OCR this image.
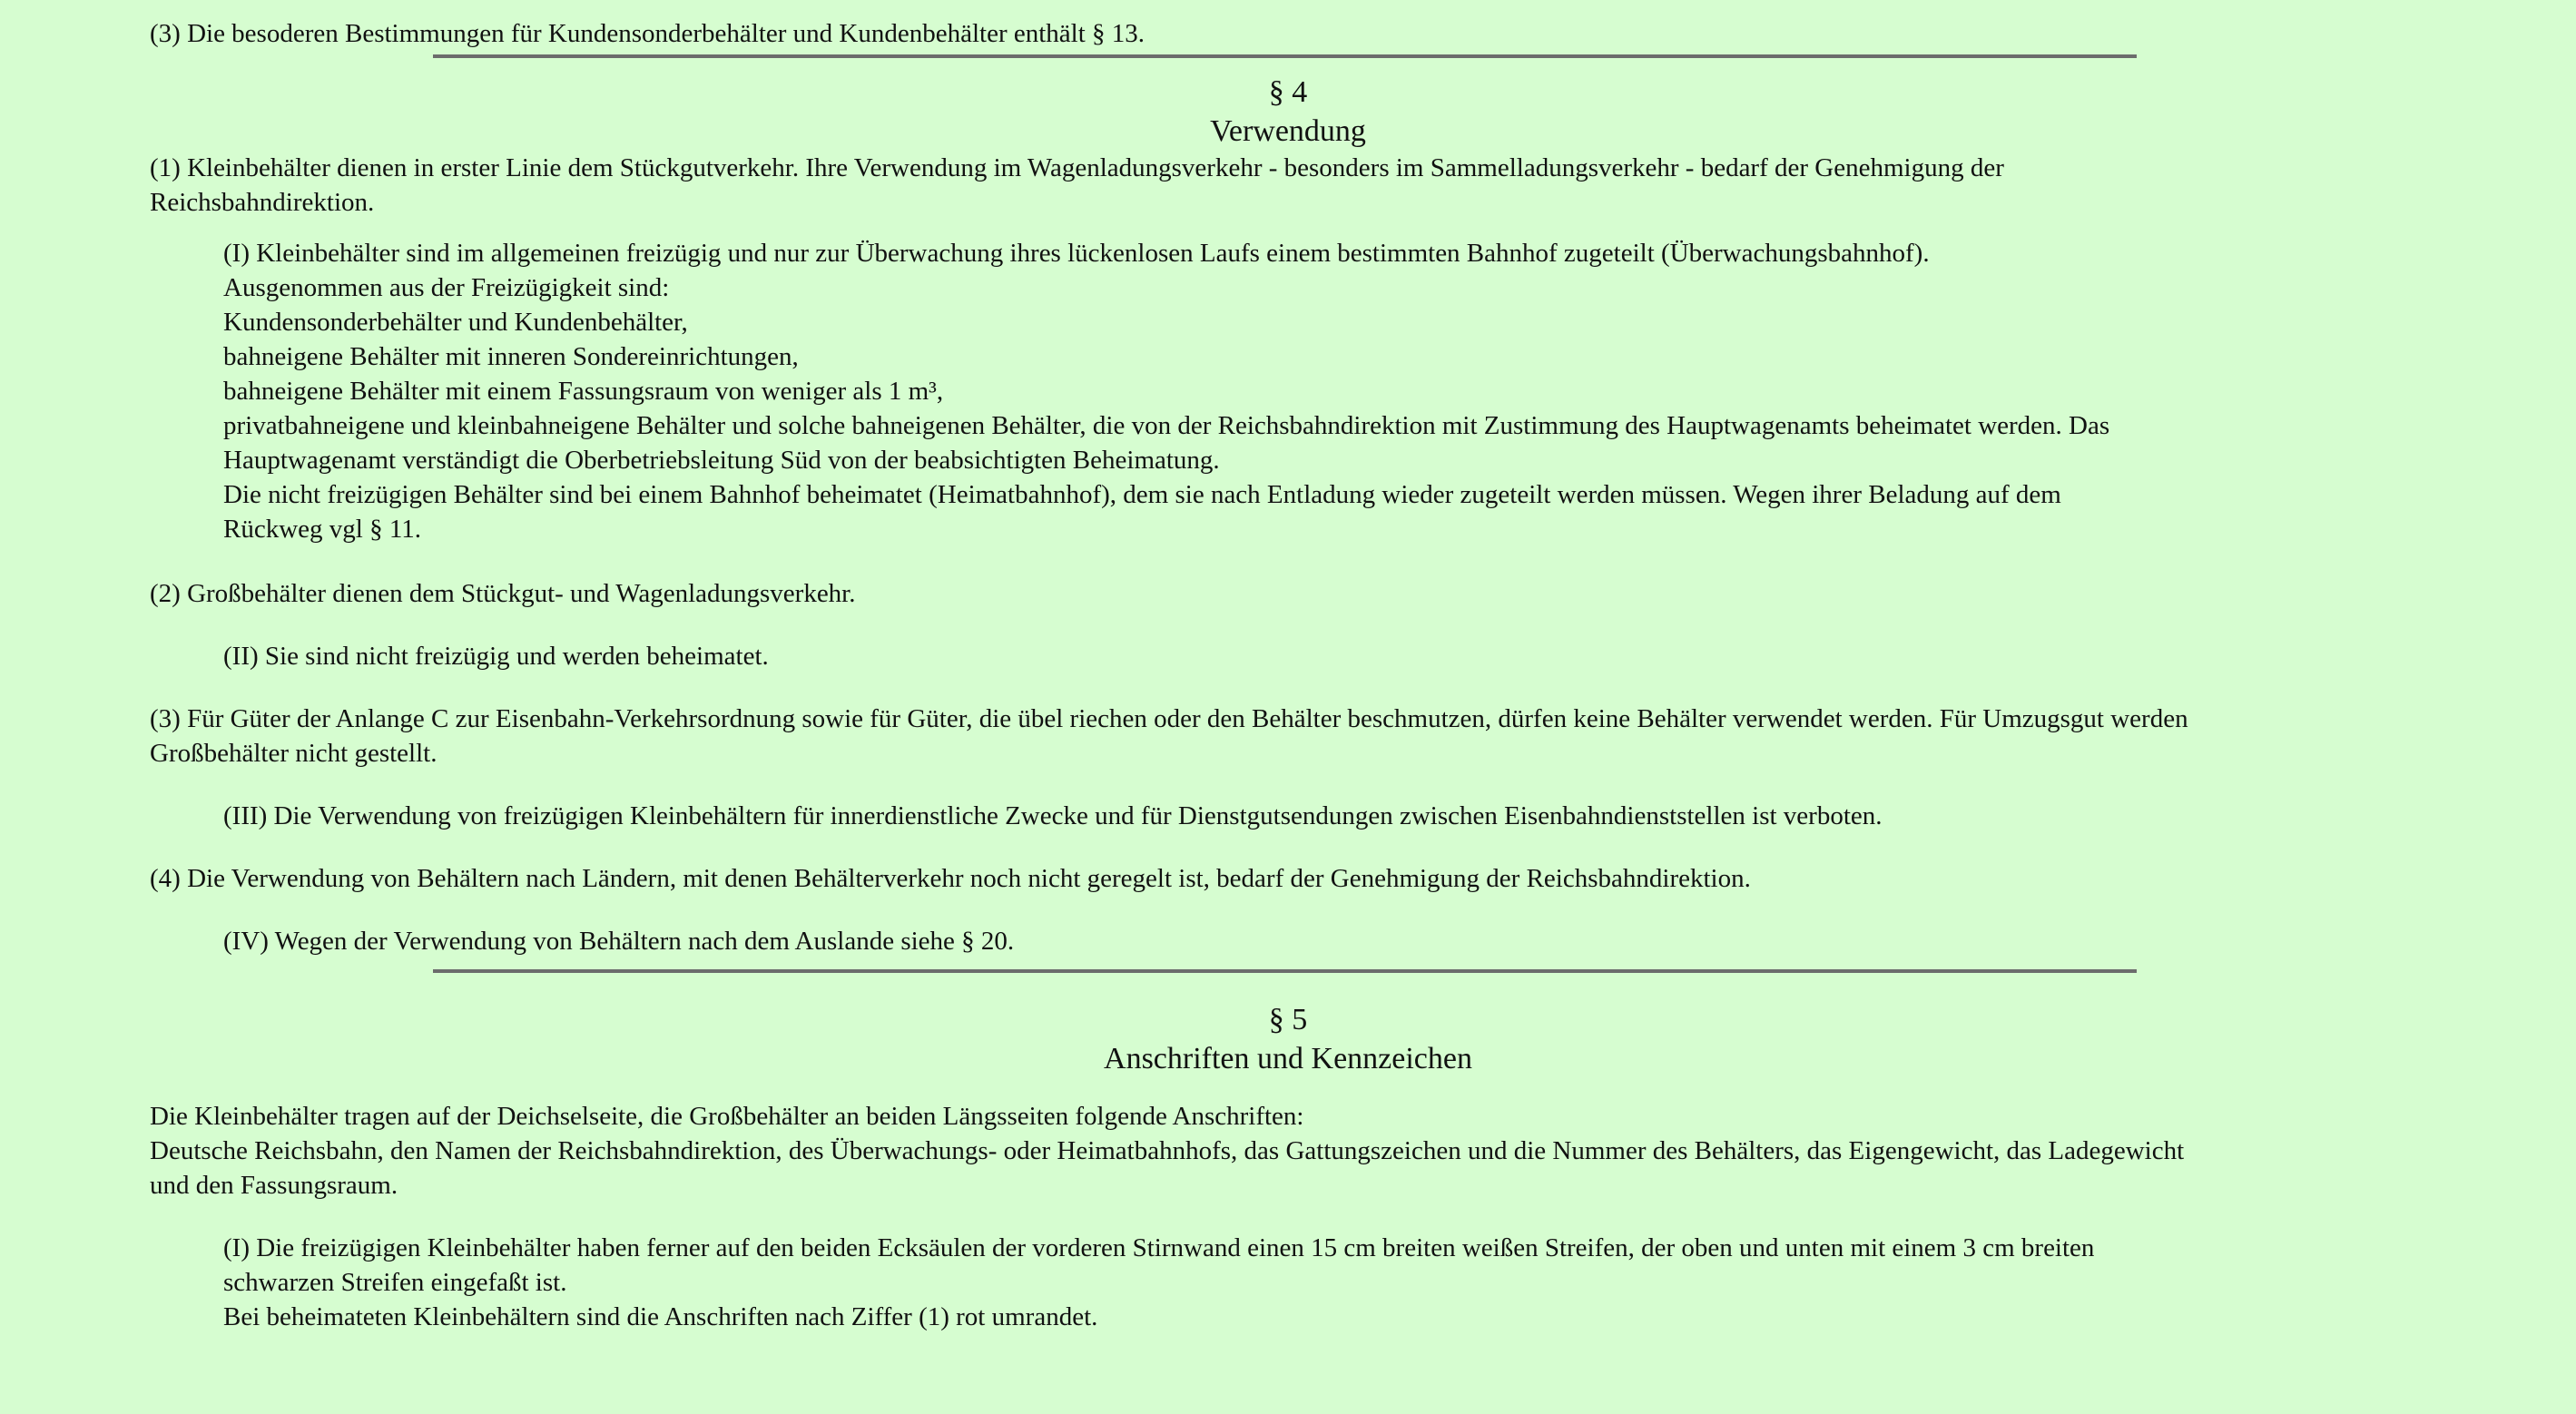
(3) Die besoderen Bestimmungen für Kundensonderbehälter und Kundenbehälter enthält § 13.

§ 4

Verwendung

(1) Kleinbehälter dienen in erster Linie dem Stückgutverkehr. Ihre Verwendung im Wagenladungsverkehr - besonders im Sammelladungsverkehr - bedarf der Genehmigung der

Reichsbahndirektion.

(I) Kleinbehälter sind im allgemeinen freizügig und nur zur Überwachung ihres lückenlosen Laufs einem bestimmten Bahnhof zugeteilt (Überwachungsbahnhof).

Ausgenommen aus der Freizügigkeit sind:

Kundensonderbehälter und Kundenbehälter,

bahneigene Behälter mit inneren Sondereinrichtungen,

bahneigene Behälter mit einem Fassungsraum von weniger als 1 m³,

privatbahneigene und kleinbahneigene Behälter und solche bahneigenen Behälter, die von der Reichsbahndirektion mit Zustimmung des Hauptwagenamts beheimatet werden. Das

Hauptwagenamt verständigt die Oberbetriebsleitung Süd von der beabsichtigten Beheimatung.

Die nicht freizügigen Behälter sind bei einem Bahnhof beheimatet (Heimatbahnhof), dem sie nach Entladung wieder zugeteilt werden müssen. Wegen ihrer Beladung auf dem

Rückweg vgl § 11.

(2) Großbehälter dienen dem Stückgut- und Wagenladungsverkehr.

(II) Sie sind nicht freizügig und werden beheimatet.

(3) Für Güter der Anlange C zur Eisenbahn-Verkehrsordnung sowie für Güter, die übel riechen oder den Behälter beschmutzen, dürfen keine Behälter verwendet werden. Für Umzugsgut werden

Großbehälter nicht gestellt.

(III) Die Verwendung von freizügigen Kleinbehältern für innerdienstliche Zwecke und für Dienstgutsendungen zwischen Eisenbahndienststellen ist verboten.

(4) Die Verwendung von Behältern nach Ländern, mit denen Behälterverkehr noch nicht geregelt ist, bedarf der Genehmigung der Reichsbahndirektion.

(IV) Wegen der Verwendung von Behältern nach dem Auslande siehe § 20.

§ 5

Anschriften und Kennzeichen

Die Kleinbehälter tragen auf der Deichselseite, die Großbehälter an beiden Längsseiten folgende Anschriften:

Deutsche Reichsbahn, den Namen der Reichsbahndirektion, des Überwachungs- oder Heimatbahnhofs, das Gattungszeichen und die Nummer des Behälters, das Eigengewicht, das Ladegewicht

und den Fassungsraum.

(I) Die freizügigen Kleinbehälter haben ferner auf den beiden Ecksäulen der vorderen Stirnwand einen 15 cm breiten weißen Streifen, der oben und unten mit einem 3 cm breiten

schwarzen Streifen eingefaßt ist.

Bei beheimateten Kleinbehältern sind die Anschriften nach Ziffer (1) rot umrandet.
